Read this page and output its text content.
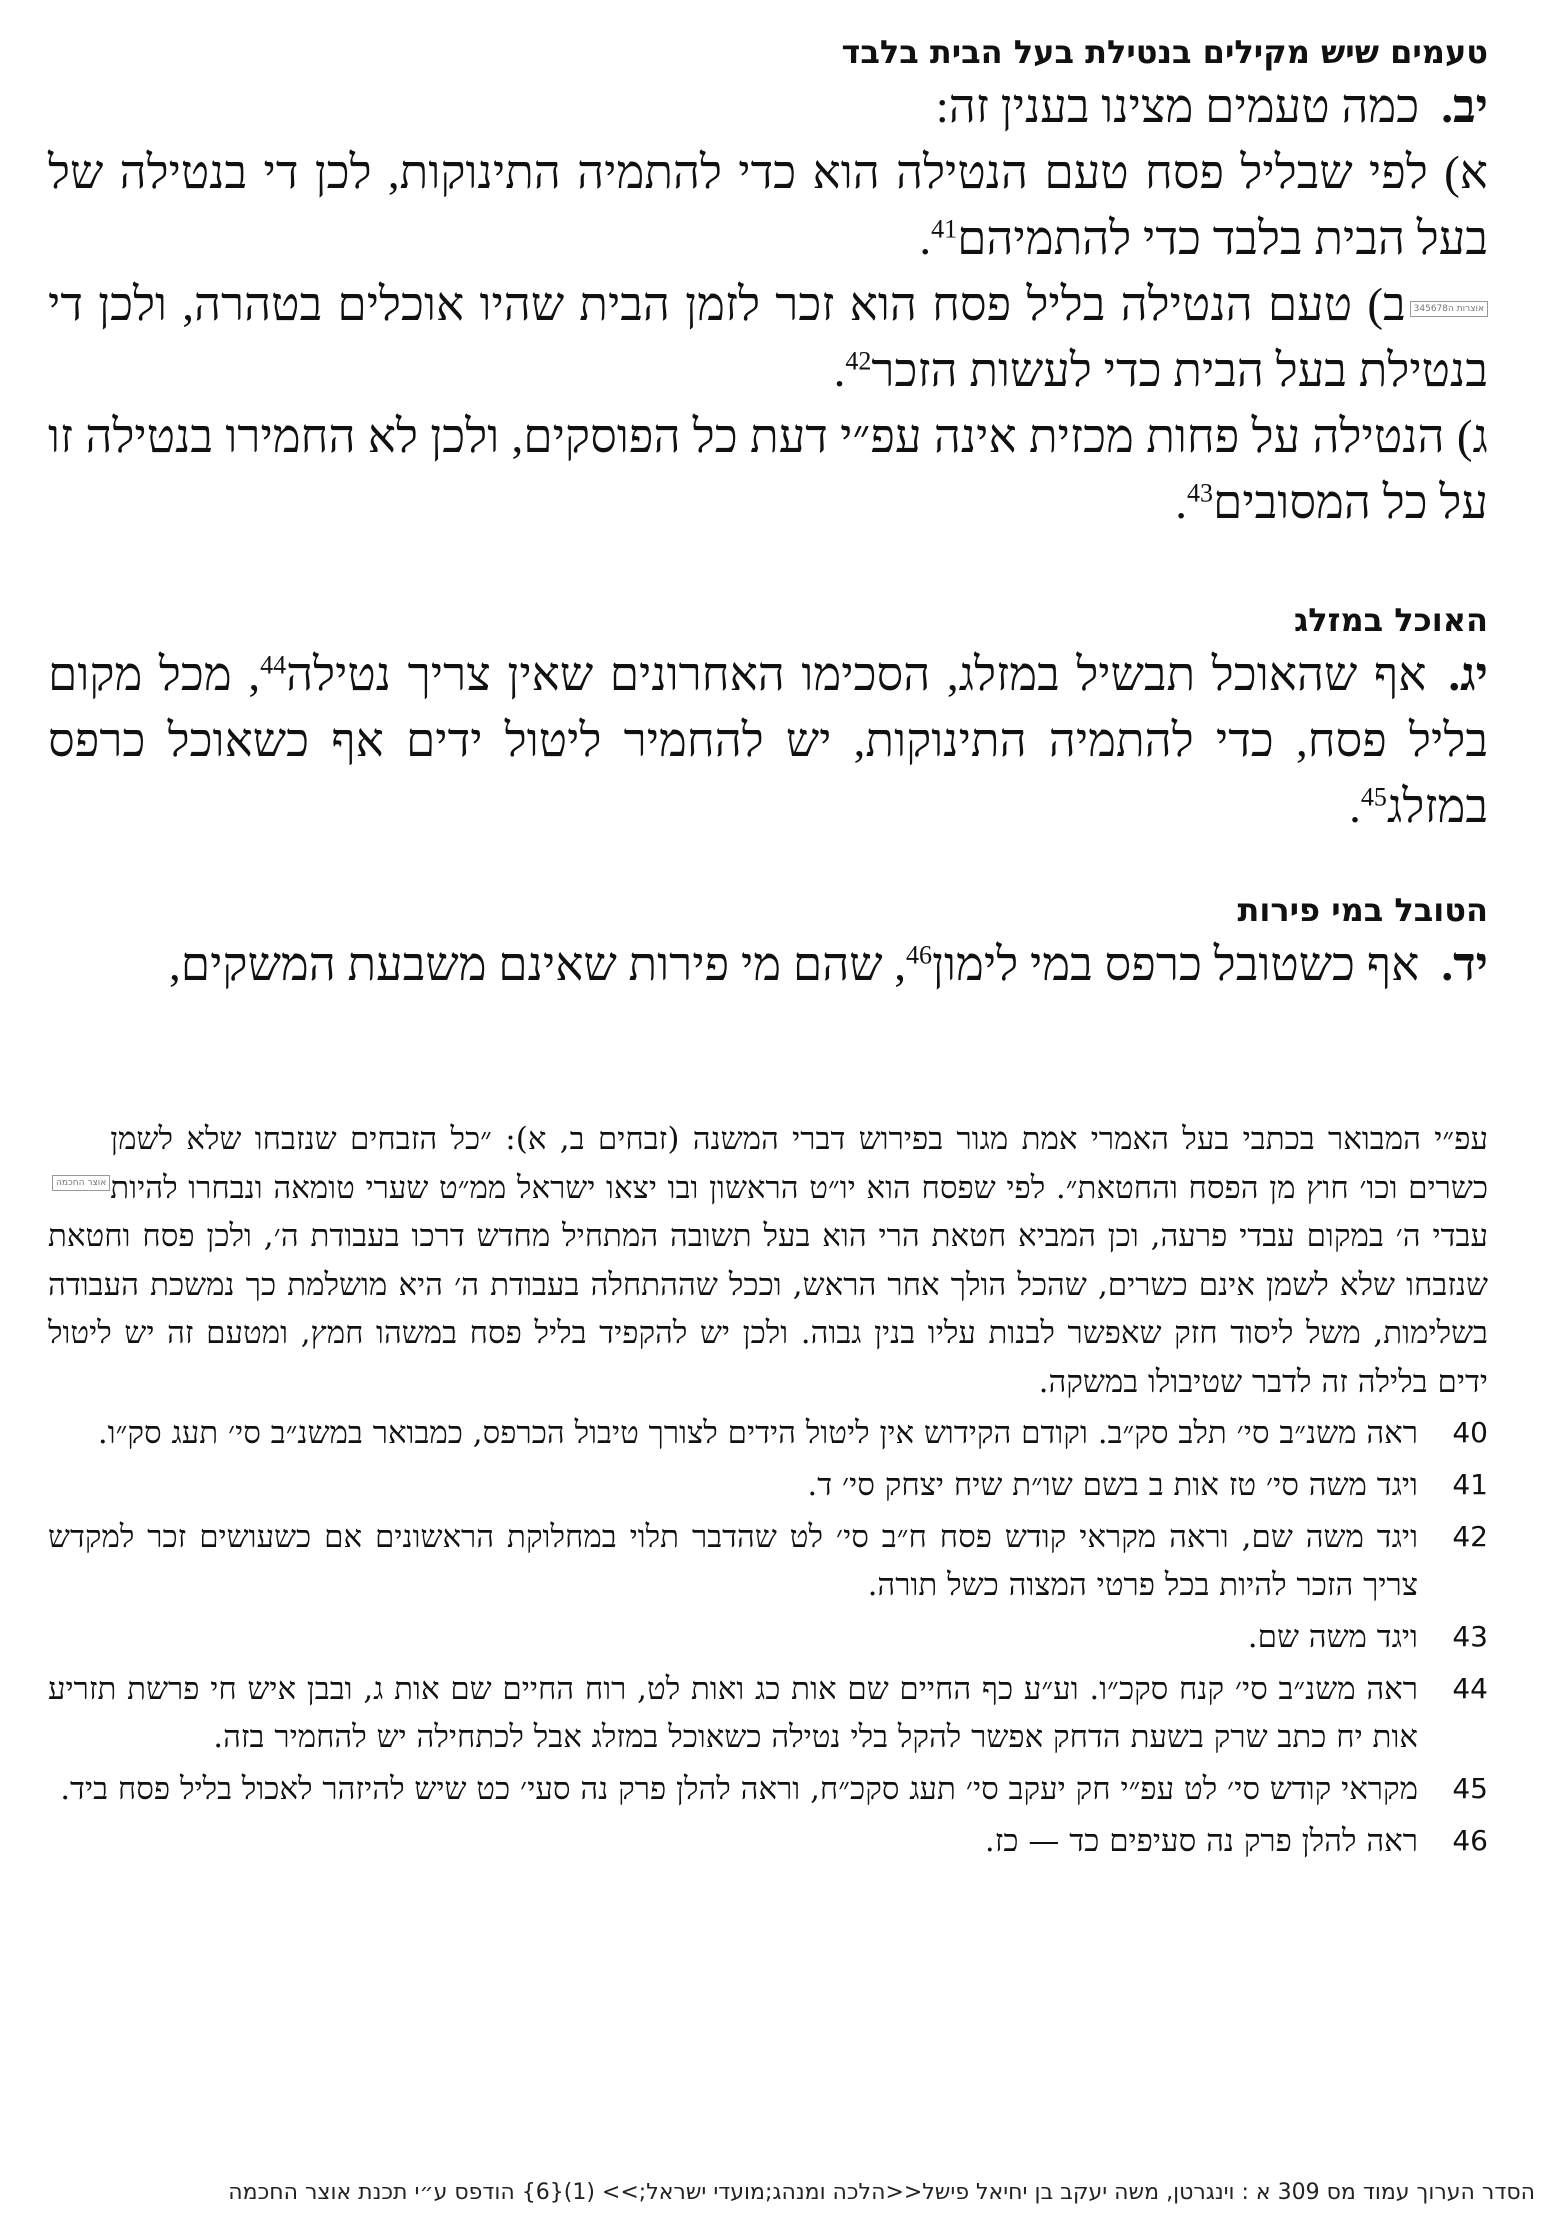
טעמים שיש מקילים בנטילת בעל הבית בלבד

יב.כמה טעמים מצינו בענין זה:

א) לפי שבליל פסח טעם הנטילה הוא כדי להתמיה התינוקות, לכן די בנטילה של בעל הבית בלבד כדי להתמיהם$^{41}$.

אוצרות ה345678ב) טעם הנטילה בליל פסח הוא זכר לזמן הבית שהיו אוכלים בטהרה, ולכן די בנטילת בעל הבית כדי לעשות הזכר$^{42}$.

ג) הנטילה על פחות מכזית אינה עפ״י דעת כל הפוסקים, ולכן לא החמירו בנטילה זו על כל המסובים$^{43}$.

האוכל במזלג

יג.אף שהאוכל תבשיל במזלג, הסכימו האחרונים שאין צריך נטילה$^{44}$, מכל מקום בליל פסח, כדי להתמיה התינוקות, יש להחמיר ליטול ידים אף כשאוכל כרפס במזלג$^{45}$.

הטובל במי פירות

יד.אף כשטובל כרפס במי לימון$^{46}$, שהם מי פירות שאינם משבעת המשקים,

אוצר החכמה
עפ״י המבואר בכתבי בעל האמרי אמת מגור בפירוש דברי המשנה (זבחים ב, א): ״כל הזבחים שנזבחו שלא לשמן כשרים וכו׳ חוץ מן הפסח והחטאת״. לפי שפסח הוא יו״ט הראשון ובו יצאו ישראל ממ״ט שערי טומאה ונבחרו להיות עבדי ה׳ במקום עבדי פרעה, וכן המביא חטאת הרי הוא בעל תשובה המתחיל מחדש דרכו בעבודת ה׳, ולכן פסח וחטאת שנזבחו שלא לשמן אינם כשרים, שהכל הולך אחר הראש, וככל שההתחלה בעבודת ה׳ היא מושלמת כך נמשכת העבודה בשלימות, משל ליסוד חזק שאפשר לבנות עליו בנין גבוה. ולכן יש להקפיד בליל פסח במשהו חמץ, ומטעם זה יש ליטול ידים בלילה זה לדבר שטיבולו במשקה.

40
ראה משנ״ב סי׳ תלב סק״ב. וקודם הקידוש אין ליטול הידים לצורך טיבול הכרפס, כמבואר במשנ״ב סי׳ תעג סק״ו.
41
ויגד משה סי׳ טז אות ב בשם שו״ת שיח יצחק סי׳ ד.
42
ויגד משה שם, וראה מקראי קודש פסח ח״ב סי׳ לט שהדבר תלוי במחלוקת הראשונים אם כשעושים זכר למקדש צריך הזכר להיות בכל פרטי המצוה כשל תורה.
43
ויגד משה שם.
44
ראה משנ״ב סי׳ קנח סקכ״ו. וע״ע כף החיים שם אות כג ואות לט, רוח החיים שם אות ג, ובבן איש חי פרשת תזריע אות יח כתב שרק בשעת הדחק אפשר להקל בלי נטילה כשאוכל במזלג אבל לכתחילה יש להחמיר בזה.
45
מקראי קודש סי׳ לט עפ״י חק יעקב סי׳ תעג סקכ״ח, וראה להלן פרק נה סעי׳ כט שיש להיזהר לאכול בליל פסח ביד.
46
ראה להלן פרק נה סעיפים כד — כז.
הסדר הערוך עמוד מס 309 א : וינגרטן, משה יעקב בן יחיאל פישל<<הלכה ומנהג;מועדי ישראל;>> (1){6} הודפס ע״י תכנת אוצר החכמה
